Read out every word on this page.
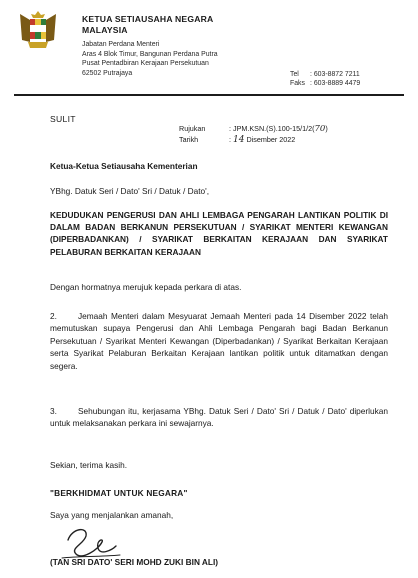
KETUA SETIAUSAHA NEGARA
MALAYSIA
Jabatan Perdana Menteri
Aras 4 Blok Timur, Bangunan Perdana Putra
Pusat Pentadbiran Kerajaan Persekutuan
62502 Putrajaya	Tel : 603-8872 7211
Faks : 603-8889 4479
SULIT
Rujukan	: JPM.KSN.(S).100-15/1/2(70)
Tarikh	: 14 Disember 2022
Ketua-Ketua Setiausaha Kementerian
YBhg. Datuk Seri / Dato' Sri / Datuk / Dato',
KEDUDUKAN PENGERUSI DAN AHLI LEMBAGA PENGARAH LANTIKAN POLITIK DI DALAM BADAN BERKANUN PERSEKUTUAN / SYARIKAT MENTERI KEWANGAN (DIPERBADANKAN) / SYARIKAT BERKAITAN KERAJAAN DAN SYARIKAT PELABURAN BERKAITAN KERAJAAN
Dengan hormatnya merujuk kepada perkara di atas.
2.	Jemaah Menteri dalam Mesyuarat Jemaah Menteri pada 14 Disember 2022 telah memutuskan supaya Pengerusi dan Ahli Lembaga Pengarah bagi Badan Berkanun Persekutuan / Syarikat Menteri Kewangan (Diperbadankan) / Syarikat Berkaitan Kerajaan serta Syarikat Pelaburan Berkaitan Kerajaan lantikan politik untuk ditamatkan dengan segera.
3.	Sehubungan itu, kerjasama YBhg. Datuk Seri / Dato' Sri / Datuk / Dato' diperlukan untuk melaksanakan perkara ini sewajarnya.
Sekian, terima kasih.
"BERKHIDMAT UNTUK NEGARA"
Saya yang menjalankan amanah,
(TAN SRI DATO' SERI MOHD ZUKI BIN ALI)
